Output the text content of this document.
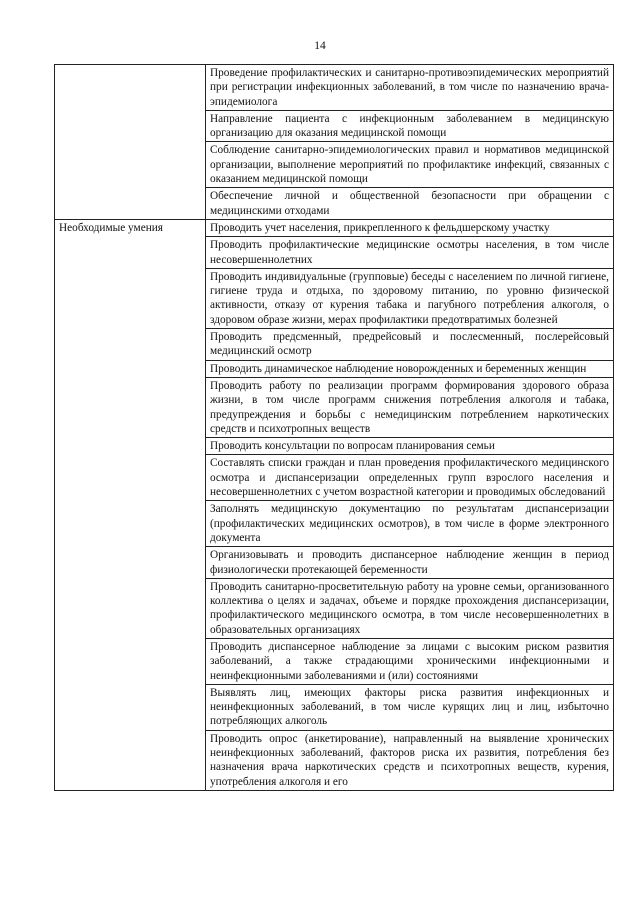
14
	Проведение профилактических и санитарно-противоэпидемических мероприятий при регистрации инфекционных заболеваний, в том числе по назначению врача-эпидемиолога
	Направление пациента с инфекционным заболеванием в медицинскую организацию для оказания медицинской помощи
	Соблюдение санитарно-эпидемиологических правил и нормативов медицинской организации, выполнение мероприятий по профилактике инфекций, связанных с оказанием медицинской помощи
	Обеспечение личной и общественной безопасности при обращении с медицинскими отходами
Необходимые умения	Проводить учет населения, прикрепленного к фельдшерскому участку
	Проводить профилактические медицинские осмотры населения, в том числе несовершеннолетних
	Проводить индивидуальные (групповые) беседы с населением по личной гигиене, гигиене труда и отдыха, по здоровому питанию, по уровню физической активности, отказу от курения табака и пагубного потребления алкоголя, о здоровом образе жизни, мерах профилактики предотвратимых болезней
	Проводить предсменный, предрейсовый и послесменный, послерейсовый медицинский осмотр
	Проводить динамическое наблюдение новорожденных и беременных женщин
	Проводить работу по реализации программ формирования здорового образа жизни, в том числе программ снижения потребления алкоголя и табака, предупреждения и борьбы с немедицинским потреблением наркотических средств и психотропных веществ
	Проводить консультации по вопросам планирования семьи
	Составлять списки граждан и план проведения профилактического медицинского осмотра и диспансеризации определенных групп взрослого населения и несовершеннолетних с учетом возрастной категории и проводимых обследований
	Заполнять медицинскую документацию по результатам диспансеризации (профилактических медицинских осмотров), в том числе в форме электронного документа
	Организовывать и проводить диспансерное наблюдение женщин в период физиологически протекающей беременности
	Проводить санитарно-просветительную работу на уровне семьи, организованного коллектива о целях и задачах, объеме и порядке прохождения диспансеризации, профилактического медицинского осмотра, в том числе несовершеннолетних в образовательных организациях
	Проводить диспансерное наблюдение за лицами с высоким риском развития заболеваний, а также страдающими хроническими инфекционными и неинфекционными заболеваниями и (или) состояниями
	Выявлять лиц, имеющих факторы риска развития инфекционных и неинфекционных заболеваний, в том числе курящих лиц и лиц, избыточно потребляющих алкоголь
	Проводить опрос (анкетирование), направленный на выявление хронических неинфекционных заболеваний, факторов риска их развития, потребления без назначения врача наркотических средств и психотропных веществ, курения, употребления алкоголя и его
